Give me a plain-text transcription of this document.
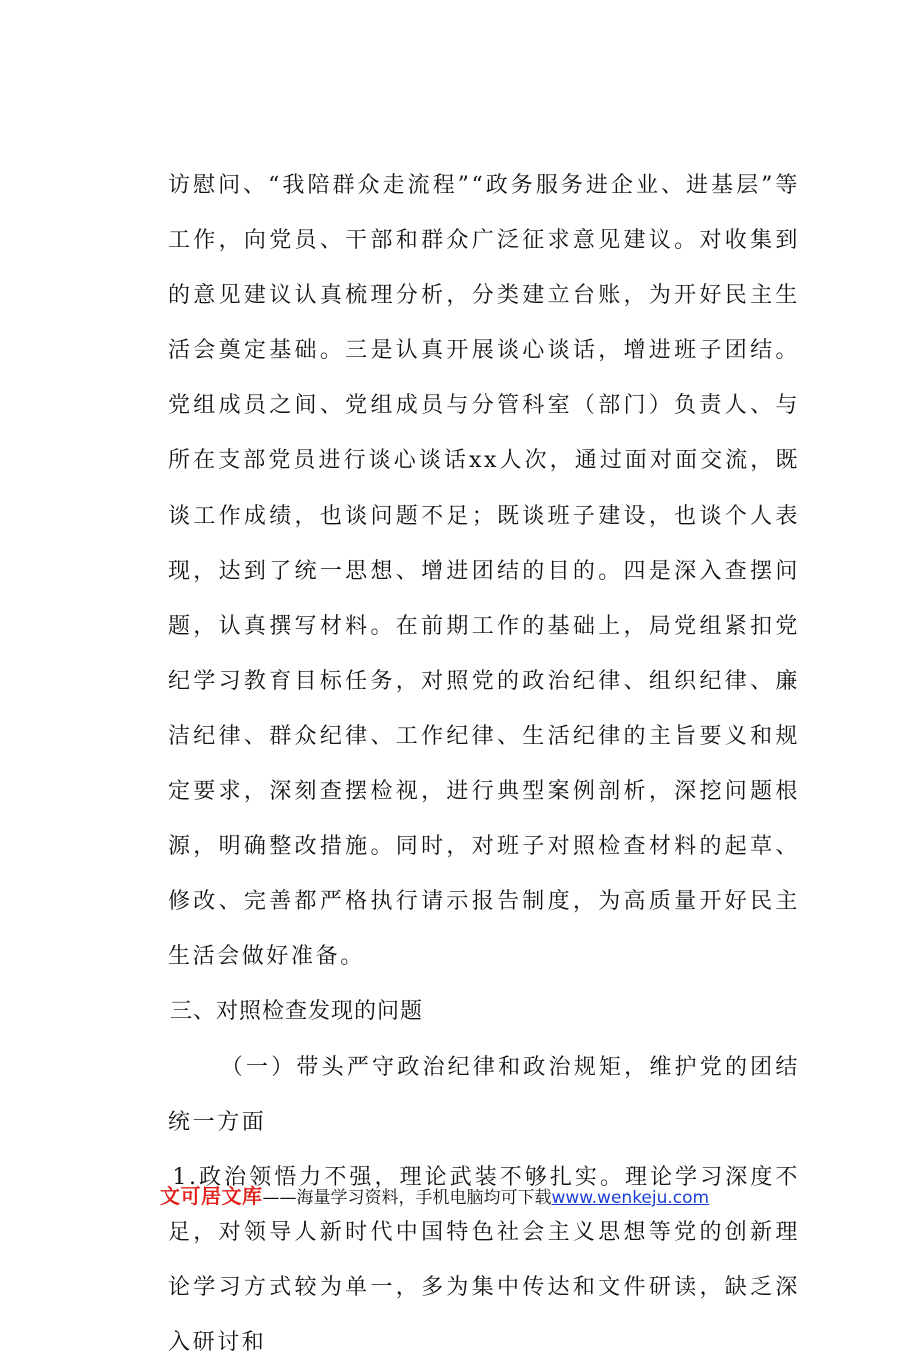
访慰问、“我陪群众走流程”“政务服务进企业、进基层”等工作，向党员、干部和群众广泛征求意见建议。对收集到的意见建议认真梳理分析，分类建立台账，为开好民主生活会奠定基础。三是认真开展谈心谈话，增进班子团结。党组成员之间、党组成员与分管科室（部门）负责人、与所在支部党员进行谈心谈话xx人次，通过面对面交流，既谈工作成绩，也谈问题不足；既谈班子建设，也谈个人表现，达到了统一思想、增进团结的目的。四是深入查摆问题，认真撰写材料。在前期工作的基础上，局党组紧扣党纪学习教育目标任务，对照党的政治纪律、组织纪律、廉洁纪律、群众纪律、工作纪律、生活纪律的主旨要义和规定要求，深刻查摆检视，进行典型案例剖析，深挖问题根源，明确整改措施。同时，对班子对照检查材料的起草、修改、完善都严格执行请示报告制度，为高质量开好民主生活会做好准备。

三、对照检查发现的问题

（一）带头严守政治纪律和政治规矩，维护党的团结统一方面

1.政治领悟力不强，理论武装不够扎实。理论学习深度不足，对领导人新时代中国特色社会主义思想等党的创新理论学习方式较为单一，多为集中传达和文件研读，缺乏深入研讨和

文可居文库——海量学习资料，手机电脑均可下载www.wenkeju.com
